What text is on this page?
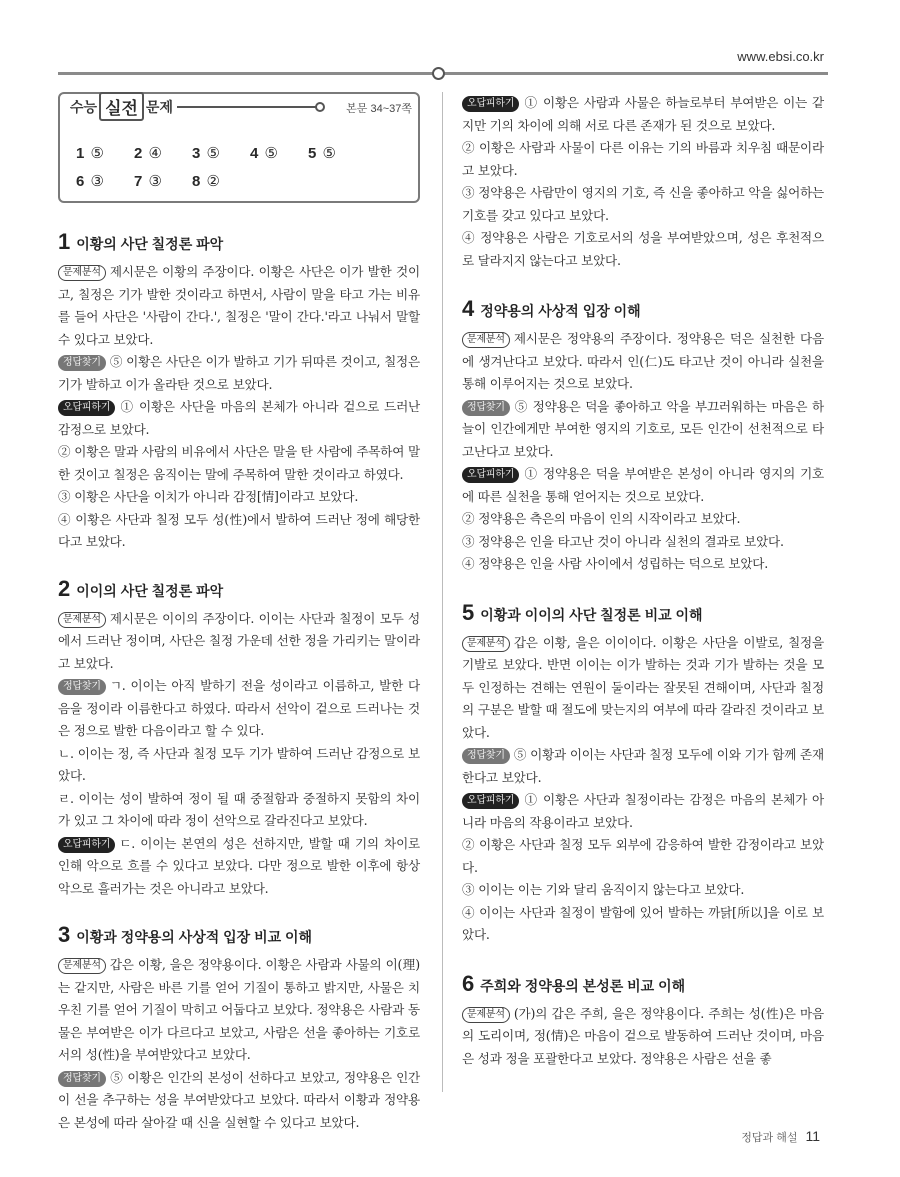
www.ebsi.co.kr
수능 실전 문제	본문 34~37쪽
1 ⑤	2 ④	3 ⑤	4 ⑤	5 ⑤
6 ③	7 ③	8 ②
1 이황의 사단 칠정론 파악

문제분석 제시문은 이황의 주장이다. 이황은 사단은 이가 발한 것이고, 칠정은 기가 발한 것이라고 하면서, 사람이 말을 타고 가는 비유를 들어 사단은 '사람이 간다.', 칠정은 '말이 간다.'라고 나눠서 말할 수 있다고 보았다.

정답찾기 ⑤ 이황은 사단은 이가 발하고 기가 뒤따른 것이고, 칠정은 기가 발하고 이가 올라탄 것으로 보았다.

오답피하기 ① 이황은 사단을 마음의 본체가 아니라 겉으로 드러난 감정으로 보았다.

② 이황은 말과 사람의 비유에서 사단은 말을 탄 사람에 주목하여 말한 것이고 칠정은 움직이는 말에 주목하여 말한 것이라고 하였다.

③ 이황은 사단을 이치가 아니라 감정[情]이라고 보았다.

④ 이황은 사단과 칠정 모두 성(性)에서 발하여 드러난 정에 해당한다고 보았다.

2 이이의 사단 칠정론 파악

문제분석 제시문은 이이의 주장이다. 이이는 사단과 칠정이 모두 성에서 드러난 정이며, 사단은 칠정 가운데 선한 정을 가리키는 말이라고 보았다.

정답찾기 ㄱ. 이이는 아직 발하기 전을 성이라고 이름하고, 발한 다음을 정이라 이름한다고 하였다. 따라서 선악이 겉으로 드러나는 것은 정으로 발한 다음이라고 할 수 있다.

ㄴ. 이이는 정, 즉 사단과 칠정 모두 기가 발하여 드러난 감정으로 보았다.

ㄹ. 이이는 성이 발하여 정이 될 때 중절함과 중절하지 못함의 차이가 있고 그 차이에 따라 정이 선악으로 갈라진다고 보았다.

오답피하기 ㄷ. 이이는 본연의 성은 선하지만, 발할 때 기의 차이로 인해 악으로 흐를 수 있다고 보았다. 다만 정으로 발한 이후에 항상 악으로 흘러가는 것은 아니라고 보았다.

3 이황과 정약용의 사상적 입장 비교 이해

문제분석 갑은 이황, 을은 정약용이다. 이황은 사람과 사물의 이(理)는 같지만, 사람은 바른 기를 얻어 기질이 통하고 밝지만, 사물은 치우친 기를 얻어 기질이 막히고 어둡다고 보았다. 정약용은 사람과 동물은 부여받은 이가 다르다고 보았고, 사람은 선을 좋아하는 기호로서의 성(性)을 부여받았다고 보았다.

정답찾기 ⑤ 이황은 인간의 본성이 선하다고 보았고, 정약용은 인간이 선을 추구하는 성을 부여받았다고 보았다. 따라서 이황과 정약용은 본성에 따라 살아갈 때 신을 실현할 수 있다고 보았다.

오답피하기 ① 이황은 사람과 사물은 하늘로부터 부여받은 이는 같지만 기의 차이에 의해 서로 다른 존재가 된 것으로 보았다.

② 이황은 사람과 사물이 다른 이유는 기의 바름과 치우침 때문이라고 보았다.

③ 정약용은 사람만이 영지의 기호, 즉 신을 좋아하고 악을 싫어하는 기호를 갖고 있다고 보았다.

④ 정약용은 사람은 기호로서의 성을 부여받았으며, 성은 후천적으로 달라지지 않는다고 보았다.

4 정약용의 사상적 입장 이해

문제분석 제시문은 정약용의 주장이다. 정약용은 덕은 실천한 다음에 생겨난다고 보았다. 따라서 인(仁)도 타고난 것이 아니라 실천을 통해 이루어지는 것으로 보았다.

정답찾기 ⑤ 정약용은 덕을 좋아하고 악을 부끄러워하는 마음은 하늘이 인간에게만 부여한 영지의 기호로, 모든 인간이 선천적으로 타고난다고 보았다.

오답피하기 ① 정약용은 덕을 부여받은 본성이 아니라 영지의 기호에 따른 실천을 통해 얻어지는 것으로 보았다.

② 정약용은 측은의 마음이 인의 시작이라고 보았다.

③ 정약용은 인을 타고난 것이 아니라 실천의 결과로 보았다.

④ 정약용은 인을 사람 사이에서 성립하는 덕으로 보았다.

5 이황과 이이의 사단 칠정론 비교 이해

문제분석 갑은 이황, 을은 이이이다. 이황은 사단을 이발로, 칠정을 기발로 보았다. 반면 이이는 이가 발하는 것과 기가 발하는 것을 모두 인정하는 견해는 연원이 둘이라는 잘못된 견해이며, 사단과 칠정의 구분은 발할 때 절도에 맞는지의 여부에 따라 갈라진 것이라고 보았다.

정답찾기 ⑤ 이황과 이이는 사단과 칠정 모두에 이와 기가 함께 존재한다고 보았다.

오답피하기 ① 이황은 사단과 칠정이라는 감정은 마음의 본체가 아니라 마음의 작용이라고 보았다.

② 이황은 사단과 칠정 모두 외부에 감응하여 발한 감정이라고 보았다.

③ 이이는 이는 기와 달리 움직이지 않는다고 보았다.

④ 이이는 사단과 칠정이 발함에 있어 발하는 까닭[所以]을 이로 보았다.

6 주희와 정약용의 본성론 비교 이해

문제분석 (가)의 갑은 주희, 을은 정약용이다. 주희는 성(性)은 마음의 도리이며, 정(情)은 마음이 겉으로 발동하여 드러난 것이며, 마음은 성과 정을 포괄한다고 보았다. 정약용은 사람은 선을 좋

정답과 해설 11
